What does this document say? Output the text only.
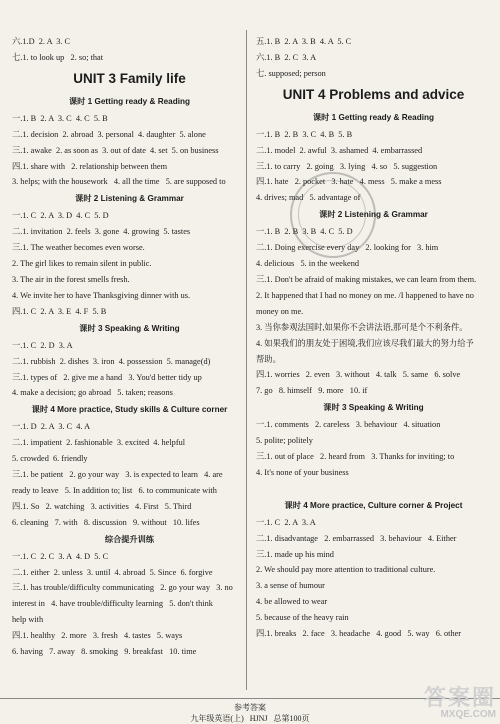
六.1.D  2. A  3. C
七.1. to look up   2. so; that
UNIT 3 Family life
课时 1 Getting ready & Reading
一.1. B  2. A  3. C  4. C  5. B
二.1. decision  2. abroad  3. personal  4. daughter  5. alone
三.1. awake  2. as soon as  3. out of date  4. set  5. on business
四.1. share with   2. relationship between them
3. helps; with the housework   4. all the time   5. are supposed to
课时 2 Listening & Grammar
一.1. C  2. A  3. D  4. C  5. D
二.1. invitation  2. feels  3. gone  4. growing  5. tastes
三.1. The weather becomes even worse.
2. The girl likes to remain silent in public.
3. The air in the forest smells fresh.
4. We invite her to have Thanksgiving dinner with us.
四.1. C  2. A  3. E  4. F  5. B
课时 3 Speaking & Writing
一.1. C  2. D  3. A
二.1. rubbish  2. dishes  3. iron  4. possession  5. manage(d)
三.1. types of   2. give me a hand   3. You'd better tidy up
4. make a decision; go abroad   5. taken; reasons
课时 4 More practice, Study skills & Culture corner
一.1. D  2. A  3. C  4. A
二.1. impatient  2. fashionable  3. excited  4. helpful
5. crowded  6. friendly
三.1. be patient   2. go your way   3. is expected to learn   4. are
ready to leave   5. In addition to; list   6. to communicate with
四.1. So   2. watching   3. activities   4. First   5. Third
6. cleaning   7. with   8. discussion   9. without   10. lifes
综合提升训练
一.1. C  2. C  3. A  4. D  5. C
二.1. either  2. unless  3. until  4. abroad  5. Since  6. forgive
三.1. has trouble/difficulty communicating   2. go your way   3. no
interest in   4. have trouble/difficulty learning   5. don't think
help with
四.1. healthy   2. more   3. fresh   4. tastes   5. ways
6. having   7. away   8. smoking   9. breakfast   10. time
五.1. B  2. A  3. B  4. A  5. C
六.1. B  2. C  3. A
七. supposed; person
UNIT 4 Problems and advice
课时 1 Getting ready & Reading
一.1. B  2. B  3. C  4. B  5. B
二.1. model  2. awful  3. ashamed  4. embarrassed
三.1. to carry   2. going   3. lying   4. so   5. suggestion
四.1. hate   2. pocket   3. hate   4. mess   5. make a mess
4. drives; mad   5. advantage of
课时 2 Listening & Grammar
一.1. B  2. B  3. B  4. C  5. D
二.1. Doing exercise every day   2. looking for   3. him
4. delicious   5. in the weekend
三.1. Don't be afraid of making mistakes, we can learn from them.
2. It happened that I had no money on me. /I happened to have no
money on me.
3. 当你参观法国时,如果你不会讲法语,那可是个不利条件。
4. 如果我们的朋友处于困境,我们应该尽我们最大的努力给予
帮助。
四.1. worries   2. even   3. without   4. talk   5. same   6. solve
7. go   8. himself   9. more   10. if
课时 3 Speaking & Writing
一.1. comments   2. careless   3. behaviour   4. situation
5. polite; politely
三.1. out of place   2. heard from   3. Thanks for inviting; to
4. It's none of your business
课时 4 More practice, Culture corner & Project
一.1. C  2. A  3. A
二.1. disadvantage   2. embarrassed   3. behaviour   4. Either
三.1. made up his mind
2. We should pay more attention to traditional culture.
3. a sense of humour
4. be allowed to wear
5. because of the heavy rain
四.1. breaks   2. face   3. headache   4. good   5. way   6. other
参考答案
九年级英语(上) HJNJ 总第100页
答案圈
MXQE.COM
